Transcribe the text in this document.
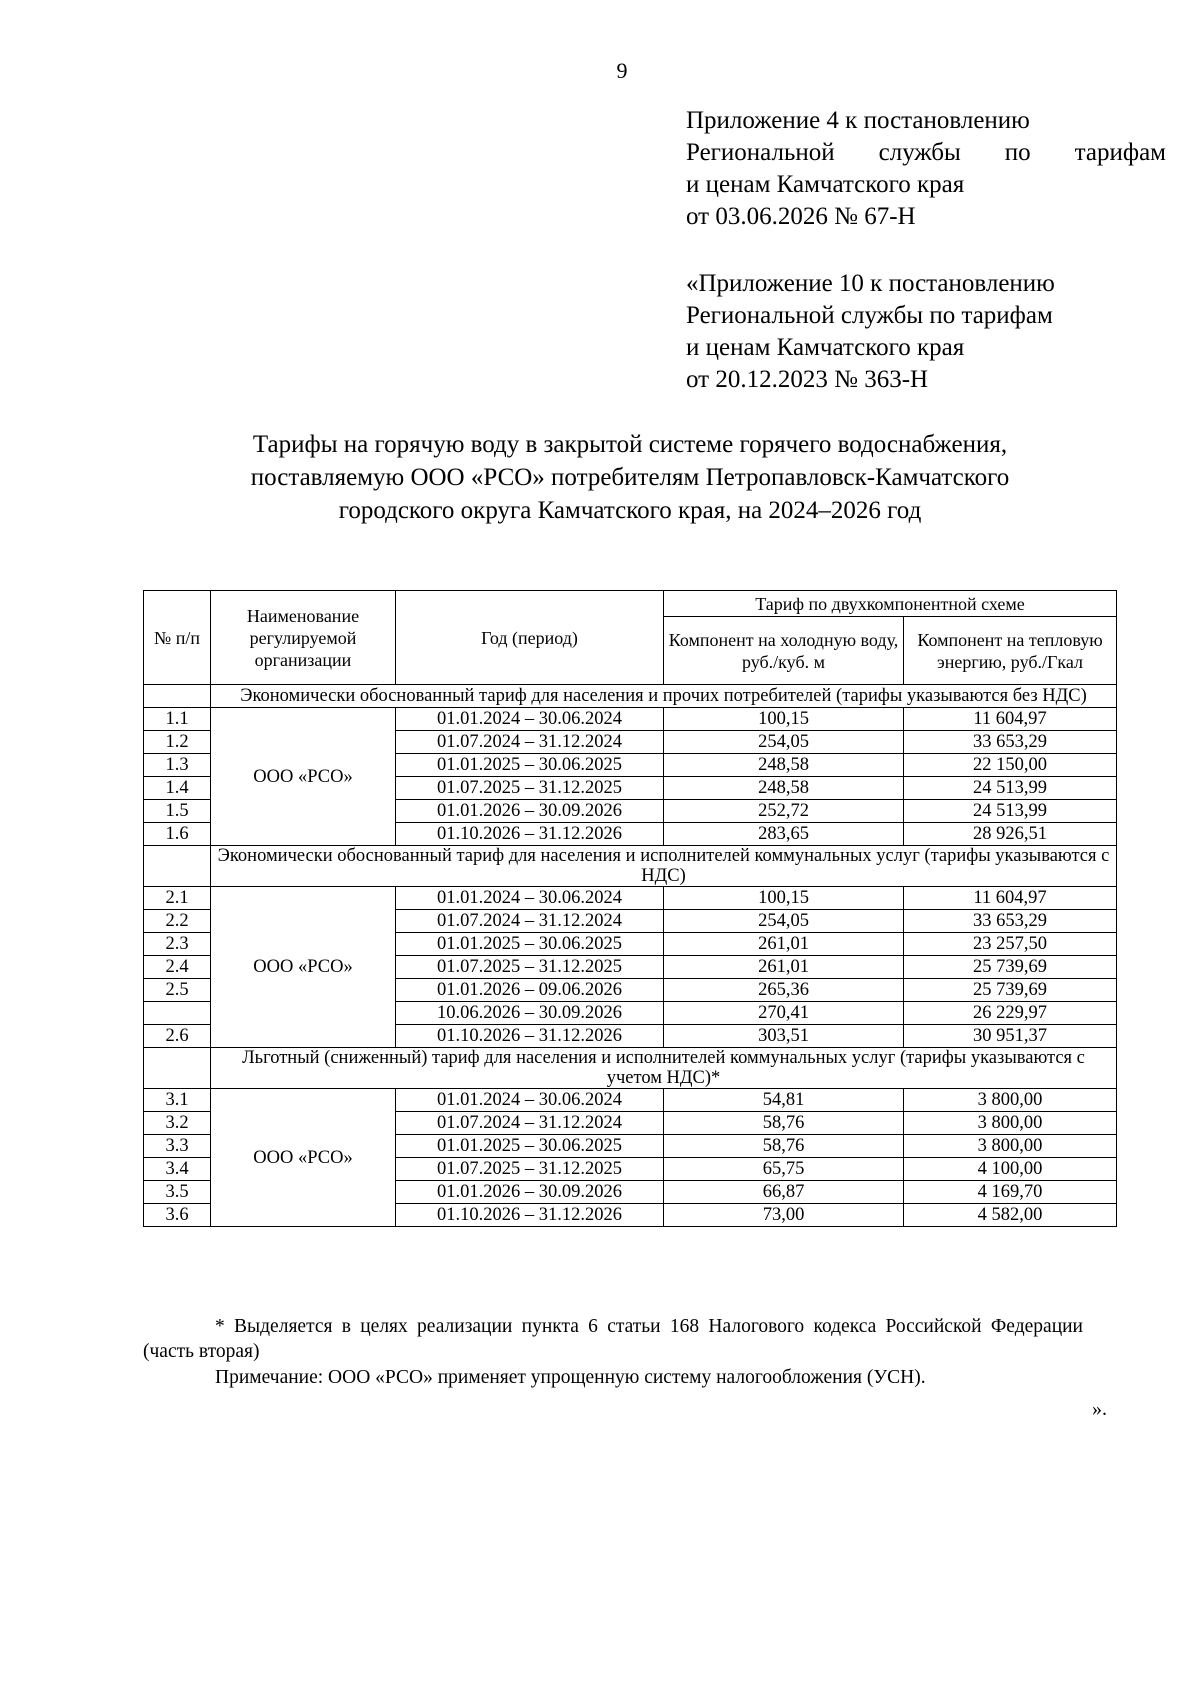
9
Приложение 4 к постановлению
Региональной службы по тарифам
и ценам Камчатского края
от 03.06.2026 № 67-Н
«Приложение 10 к постановлению
Региональной службы по тарифам
и ценам Камчатского края
от 20.12.2023 № 363-Н
Тарифы на горячую воду в закрытой системе горячего водоснабжения,
поставляемую ООО «РСО» потребителям Петропавловск-Камчатского
городского округа Камчатского края, на 2024–2026 год
№ п/п	Наименование регулируемой организации	Год (период)	Тариф по двухкомпонентной схеме	
			Компонент на холодную воду, руб./куб. м	Компонент на тепловую энергию, руб./Гкал
	Экономически обоснованный тариф для населения и прочих потребителей (тарифы указываются без НДС)			
1.1	ООО «РСО»	01.01.2024 – 30.06.2024	100,15	11 604,97
1.2		01.07.2024 – 31.12.2024	254,05	33 653,29
1.3		01.01.2025 – 30.06.2025	248,58	22 150,00
1.4		01.07.2025 – 31.12.2025	248,58	24 513,99
1.5		01.01.2026 – 30.09.2026	252,72	24 513,99
1.6		01.10.2026 – 31.12.2026	283,65	28 926,51
	Экономически обоснованный тариф для населения и исполнителей коммунальных услуг (тарифы указываются с НДС)			
2.1	ООО «РСО»	01.01.2024 – 30.06.2024	100,15	11 604,97
2.2		01.07.2024 – 31.12.2024	254,05	33 653,29
2.3		01.01.2025 – 30.06.2025	261,01	23 257,50
2.4		01.07.2025 – 31.12.2025	261,01	25 739,69
2.5		01.01.2026 – 09.06.2026	265,36	25 739,69
		10.06.2026 – 30.09.2026	270,41	26 229,97
2.6		01.10.2026 – 31.12.2026	303,51	30 951,37
	Льготный (сниженный) тариф для населения и исполнителей коммунальных услуг (тарифы указываются с учетом НДС)*			
3.1	ООО «РСО»	01.01.2024 – 30.06.2024	54,81	3 800,00
3.2		01.07.2024 – 31.12.2024	58,76	3 800,00
3.3		01.01.2025 – 30.06.2025	58,76	3 800,00
3.4		01.07.2025 – 31.12.2025	65,75	4 100,00
3.5		01.01.2026 – 30.09.2026	66,87	4 169,70
3.6		01.10.2026 – 31.12.2026	73,00	4 582,00
* Выделяется в целях реализации пункта 6 статьи 168 Налогового кодекса Российской Федерации (часть вторая)
Примечание: ООО «РСО» применяет упрощенную систему налогообложения (УСН).
».
